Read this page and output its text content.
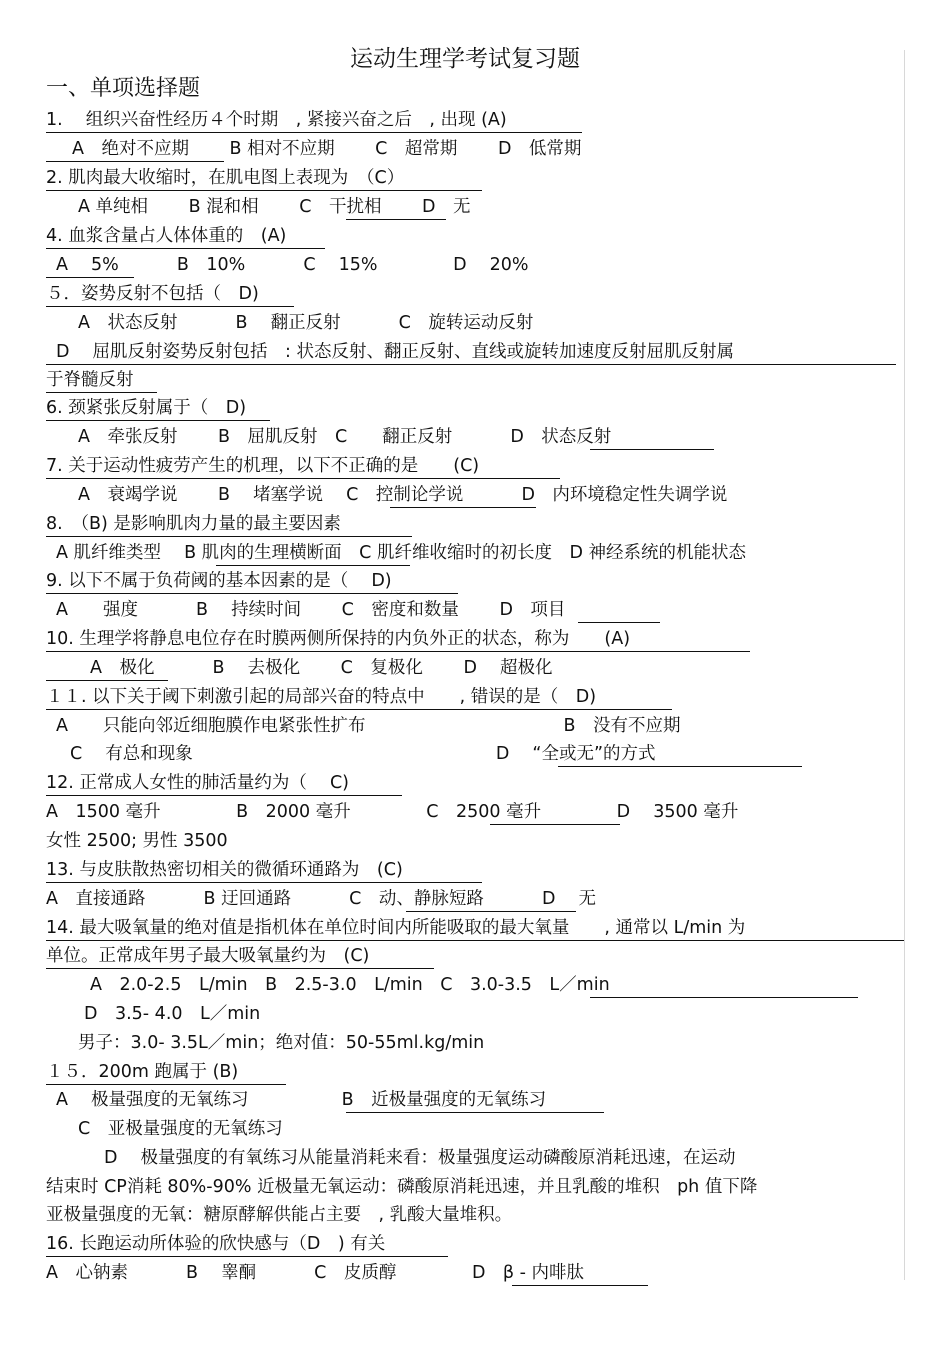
运动生理学考试复习题
一、单项选择题
1.　 组织兴奋性经历４个时期　, 紧接兴奋之后　, 出现 (A)
A　绝对不应期　　 B 相对不应期　　 C　超常期　　 D　低常期
2. 肌肉最大收缩时，在肌电图上表现为　（C）
A 单纯相　　 B 混和相　　 C　干扰相　　 D　无
4. 血浆含量占人体体重的　(A)
A　 5%　　　 B　10%　　　 C　 15%　　　　 D　 20%
５．姿势反射不包括（　D)
A　状态反射　　　 B　 翻正反射　　　 C　旋转运动反射
D　 屈肌反射姿势反射包括　: 状态反射、翻正反射、直线或旋转加速度反射屈肌反射属
于脊髓反射
6. 颈紧张反射属于（　D)
A　牵张反射　　 B　屈肌反射　C　　翻正反射　　　 D　状态反射
7. 关于运动性疲劳产生的机理，以下不正确的是　　(C)
A　衰竭学说　　 B　 堵塞学说　 C　控制论学说　　　 D　内环境稳定性失调学说
8.　（B) 是影响肌肉力量的最主要因素
A 肌纤维类型　 B 肌肉的生理横断面　C 肌纤维收缩时的初长度　D 神经系统的机能状态
9. 以下不属于负荷阈的基本因素的是（　 D)
A　　强度　　　 B　 持续时间　　 C　密度和数量　　 D　项目
10. 生理学将静息电位存在时膜两侧所保持的内负外正的状态，称为　　(A)
A　极化　　　 B　 去极化　　 C　复极化　　 D　 超极化
１１. 以下关于阈下刺激引起的局部兴奋的特点中　　, 错误的是（　D)
A　　只能向邻近细胞膜作电紧张性扩布　　　　　　　　　　　 B　没有不应期
C　 有总和现象　　　　　　　　　　　　　　　　　 D　 “全或无”的方式
12. 正常成人女性的肺活量约为（　 C)
A　1500 毫升　　　　 B　2000 毫升　　　　 C　2500 毫升　　　　 D　 3500 毫升
女性 2500; 男性 3500
13. 与皮肤散热密切相关的微循环通路为　(C)
A　直接通路　　　 B 迂回通路　　　 C　动、静脉短路　　　 D　 无
14. 最大吸氧量的绝对值是指机体在单位时间内所能吸取的最大氧量　　, 通常以 L/min 为
单位。正常成年男子最大吸氧量约为　(C)
A　2.0-2.5　L/min　B　2.5-3.0　L/min　C　3.0-3.5　L／min
D　3.5- 4.0　L／min
男子：3.0- 3.5L／min；绝对值：50-55ml.kg/min
１５．200m 跑属于 (B)
A　 极量强度的无氧练习　　　　　 B　近极量强度的无氧练习
C　亚极量强度的无氧练习
D　 极量强度的有氧练习从能量消耗来看：极量强度运动磷酸原消耗迅速，在运动
结束时 CP消耗 80%-90% 近极量无氧运动：磷酸原消耗迅速，并且乳酸的堆积　ph 值下降
亚极量强度的无氧：糖原酵解供能占主要　, 乳酸大量堆积。
16. 长跑运动所体验的欣快感与（D　) 有关
A　心钠素　　　 B　 睾酮　　　 C　皮质醇　　　　 D　β - 内啡肽
